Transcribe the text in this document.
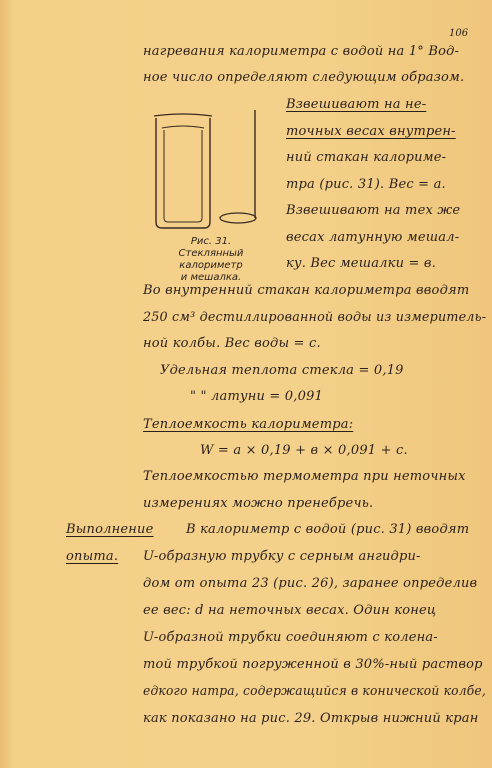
106
Рис. 31.
Стеклянный калориметр
и мешалка.
нагревания калориметра с водой на 1° Вод-
ное число определяют следующим образом.
Взвешивают на не-
точных весах внутрен-
ний стакан калориме-
тра (рис. 31). Вес = a.
Взвешивают на тех же
весах латунную мешал-
ку. Вес мешалки = в.
Во внутренний стакан калориметра вводят
250 см³ дестиллированной воды из измеритель-
ной колбы. Вес воды = c.
Удельная теплота стекла = 0,19
" " латуни = 0,091
Теплоемкость калориметра:
W = a × 0,19 + в × 0,091 + c.
Теплоемкостью термометра при неточных
измерениях можно пренебречь.
Выполнение В калориметр с водой (рис. 31) вводят
опыта. U-образную трубку с серным ангидри-
дом от опыта 23 (рис. 26), заранее определив
ее вес: d на неточных весах. Один конец
U-образной трубки соединяют с колена-
той трубкой погруженной в 30%-ный раствор
едкого натра, содержащийся в конической колбе,
как показано на рис. 29. Открыв нижний кран
